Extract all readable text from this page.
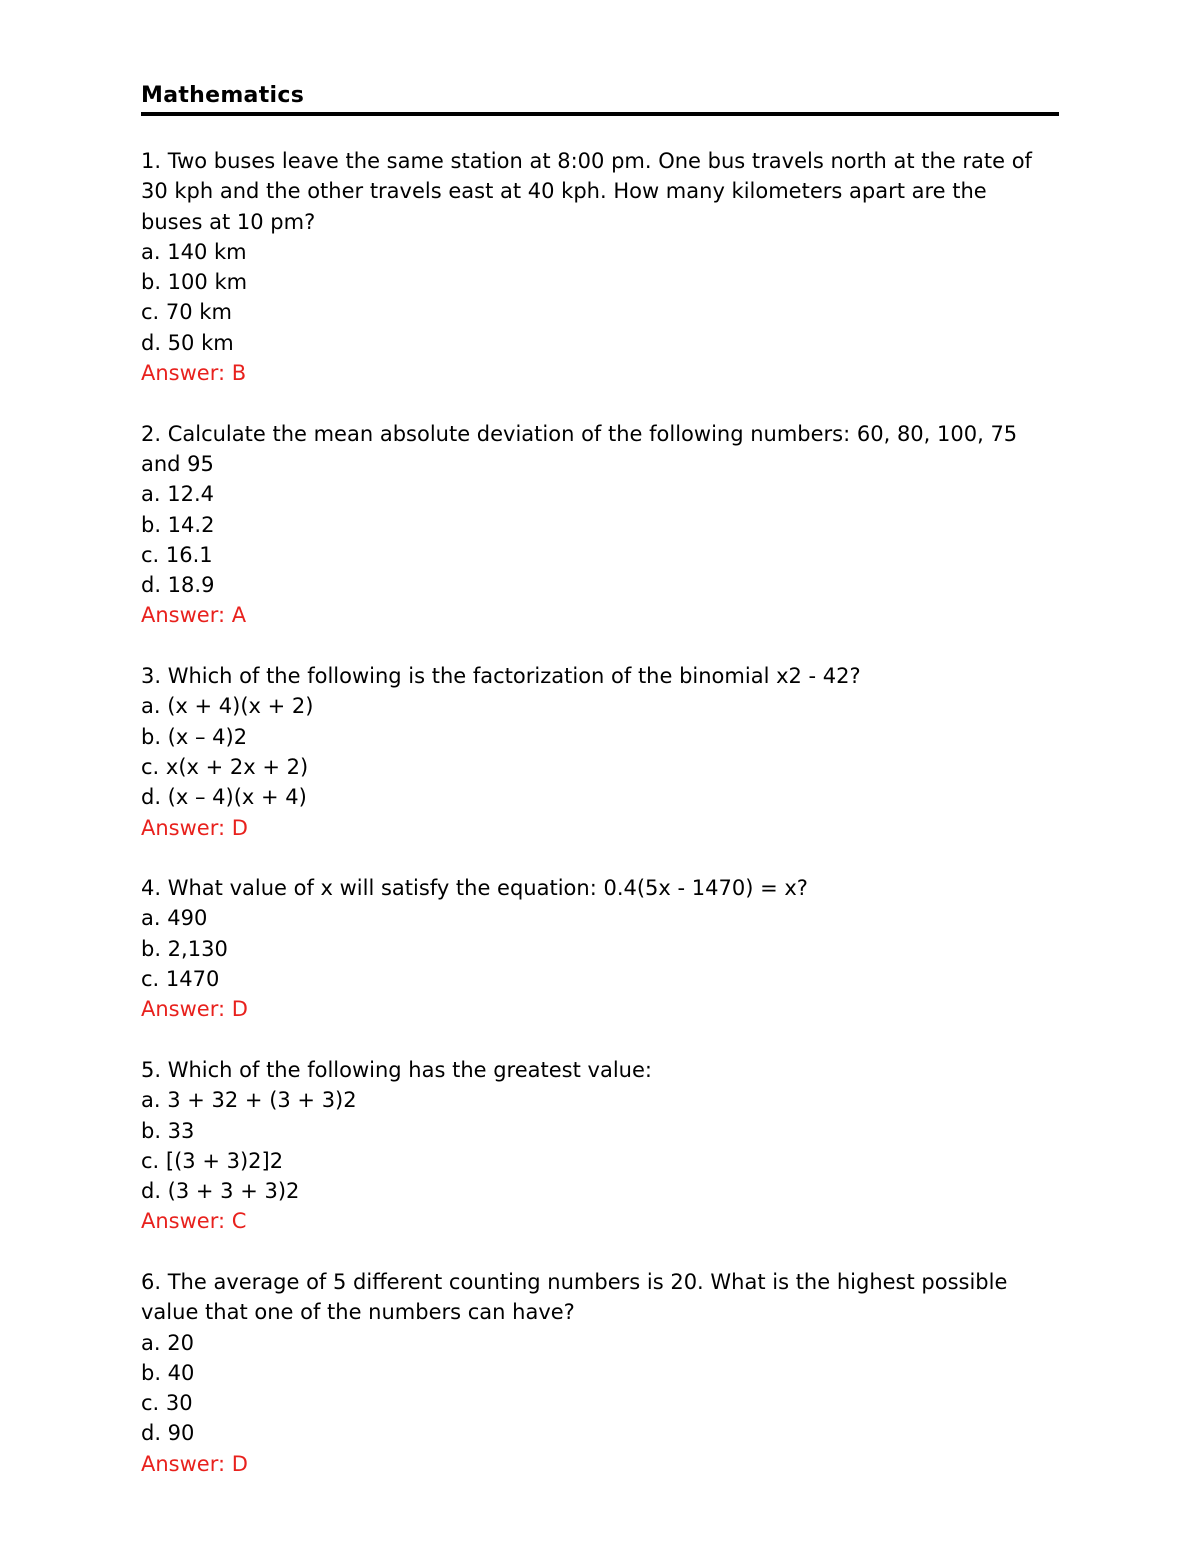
Mathematics
1. Two buses leave the same station at 8:00 pm. One bus travels north at the rate of 30 kph and the other travels east at 40 kph. How many kilometers apart are the buses at 10 pm?
a. 140 km
b. 100 km
c. 70 km
d. 50 km
Answer: B
2. Calculate the mean absolute deviation of the following numbers: 60, 80, 100, 75 and 95
a. 12.4
b. 14.2
c. 16.1
d. 18.9
Answer: A
3. Which of the following is the factorization of the binomial x2 - 42?
a. (x + 4)(x + 2)
b. (x – 4)2
c. x(x + 2x + 2)
d. (x – 4)(x + 4)
Answer: D
4. What value of x will satisfy the equation: 0.4(5x - 1470) = x?
a. 490
b. 2,130
c. 1470
Answer: D
5. Which of the following has the greatest value:
a. 3 + 32 + (3 + 3)2
b. 33
c. [(3 + 3)2]2
d. (3 + 3 + 3)2
Answer: C
6. The average of 5 different counting numbers is 20. What is the highest possible value that one of the numbers can have?
a. 20
b. 40
c. 30
d. 90
Answer: D
